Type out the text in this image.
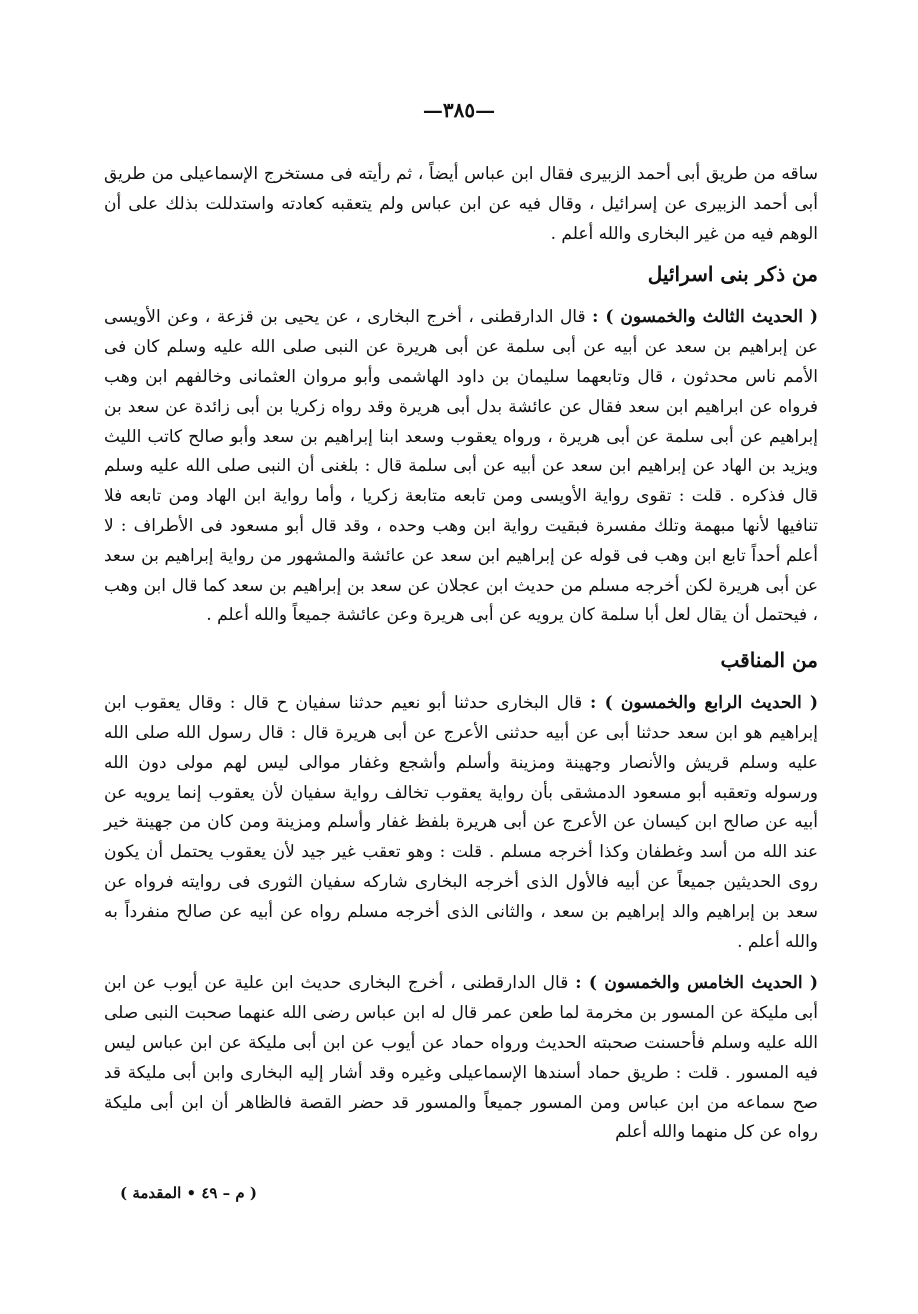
—٣٨٥—

ساقه من طريق أبى أحمد الزبيرى فقال ابن عباس أيضاً ، ثم رأيته فى مستخرج الإسماعيلى من طريق أبى أحمد الزبيرى عن إسرائيل ، وقال فيه عن ابن عباس ولم يتعقبه كعادته واستدللت بذلك على أن الوهم فيه من غير البخارى والله أعلم .

من ذكر بنى اسرائيل

( الحديث الثالث والخمسون ) : قال الدارقطنى ، أخرج البخارى ، عن يحيى بن قزعة ، وعن الأويسى عن إبراهيم بن سعد عن أبيه عن أبى سلمة عن أبى هريرة عن النبى صلى الله عليه وسلم كان فى الأمم ناس محدثون ، قال وتابعهما سليمان بن داود الهاشمى وأبو مروان العثمانى وخالفهم ابن وهب فرواه عن ابراهيم ابن سعد فقال عن عائشة بدل أبى هريرة وقد رواه زكريا بن أبى زائدة عن سعد بن إبراهيم عن أبى سلمة عن أبى هريرة ، ورواه يعقوب وسعد ابنا إبراهيم بن سعد وأبو صالح كاتب الليث ويزيد بن الهاد عن إبراهيم ابن سعد عن أبيه عن أبى سلمة قال : بلغنى أن النبى صلى الله عليه وسلم قال فذكره . قلت : تقوى رواية الأويسى ومن تابعه متابعة زكريا ، وأما رواية ابن الهاد ومن تابعه فلا تنافيها لأنها مبهمة وتلك مفسرة فبقيت رواية ابن وهب وحده ، وقد قال أبو مسعود فى الأطراف : لا أعلم أحداً تابع ابن وهب فى قوله عن إبراهيم ابن سعد عن عائشة والمشهور من رواية إبراهيم بن سعد عن أبى هريرة لكن أخرجه مسلم من حديث ابن عجلان عن سعد بن إبراهيم بن سعد كما قال ابن وهب ، فيحتمل أن يقال لعل أبا سلمة كان يرويه عن أبى هريرة وعن عائشة جميعاً والله أعلم .

من المناقب

( الحديث الرابع والخمسون ) : قال البخارى حدثنا أبو نعيم حدثنا سفيان ح قال : وقال يعقوب ابن إبراهيم هو ابن سعد حدثنا أبى عن أبيه حدثنى الأعرج عن أبى هريرة قال : قال رسول الله صلى الله عليه وسلم قريش والأنصار وجهينة ومزينة وأسلم وأشجع وغفار موالى ليس لهم مولى دون الله ورسوله وتعقبه أبو مسعود الدمشقى بأن رواية يعقوب تخالف رواية سفيان لأن يعقوب إنما يرويه عن أبيه عن صالح ابن كيسان عن الأعرج عن أبى هريرة بلفظ غفار وأسلم ومزينة ومن كان من جهينة خير عند الله من أسد وغطفان وكذا أخرجه مسلم . قلت : وهو تعقب غير جيد لأن يعقوب يحتمل أن يكون روى الحديثين جميعاً عن أبيه فالأول الذى أخرجه البخارى شاركه سفيان الثورى فى روايته فرواه عن سعد بن إبراهيم والد إبراهيم بن سعد ، والثانى الذى أخرجه مسلم رواه عن أبيه عن صالح منفرداً به والله أعلم .

( الحديث الخامس والخمسون ) : قال الدارقطنى ، أخرج البخارى حديث ابن علية عن أيوب عن ابن أبى مليكة عن المسور بن مخرمة لما طعن عمر قال له ابن عباس رضى الله عنهما صحبت النبى صلى الله عليه وسلم فأحسنت صحبته الحديث ورواه حماد عن أيوب عن ابن أبى مليكة عن ابن عباس ليس فيه المسور . قلت : طريق حماد أسندها الإسماعيلى وغيره وقد أشار إليه البخارى وابن أبى مليكة قد صح سماعه من ابن عباس ومن المسور جميعاً والمسور قد حضر القصة فالظاهر أن ابن أبى مليكة رواه عن كل منهما والله أعلم

( م – ٤٩ • المقدمة )
